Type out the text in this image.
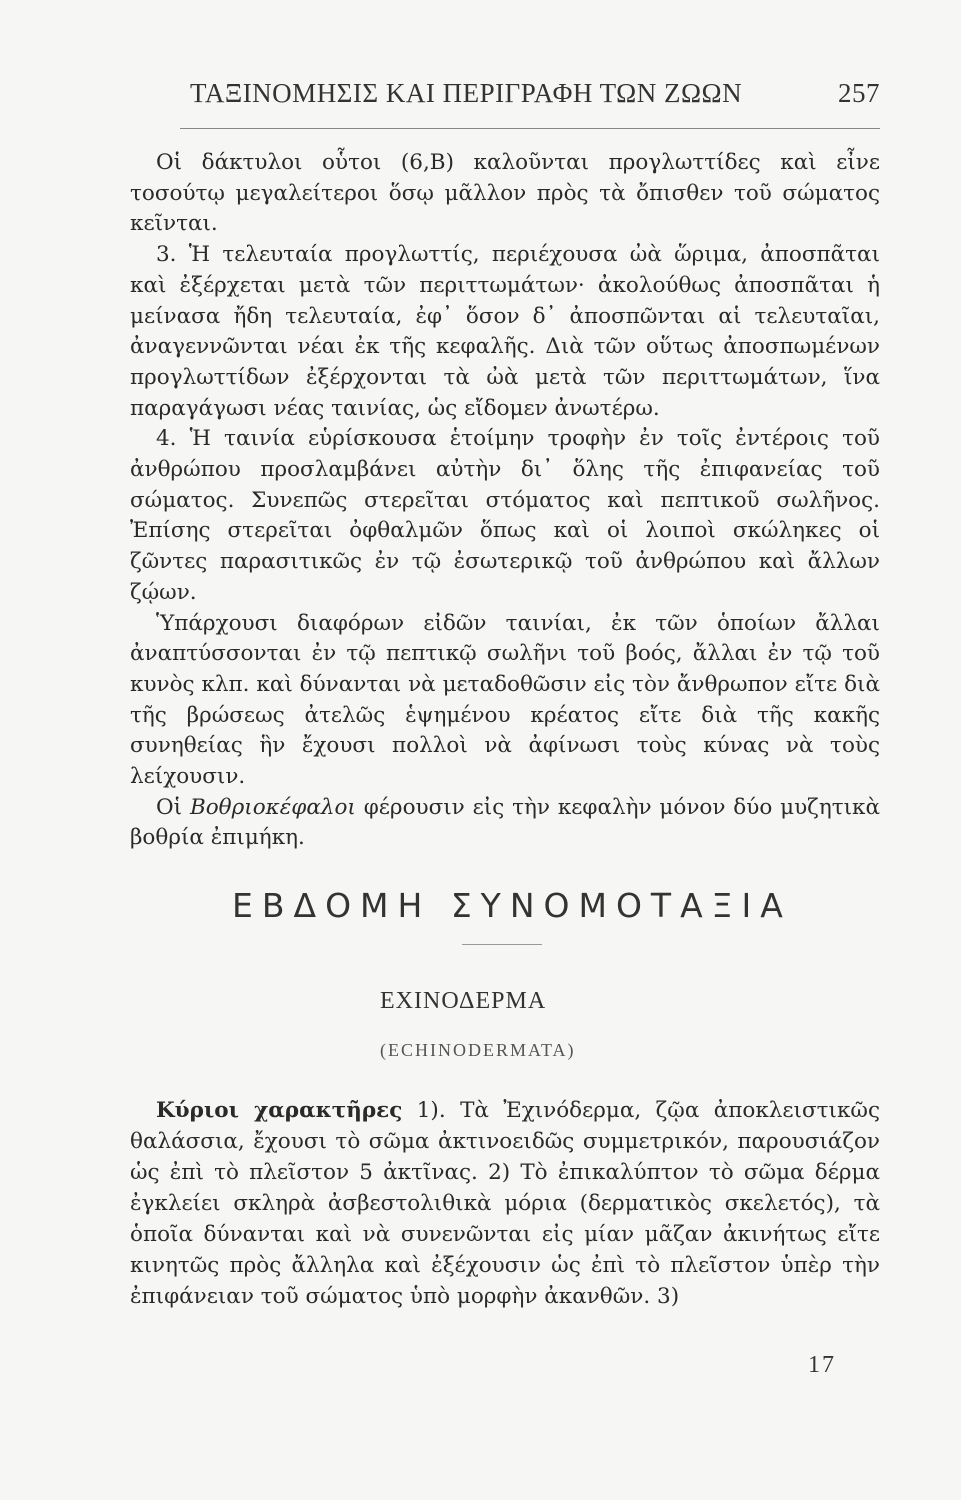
ΤΑΞΙΝΟΜΗΣΙΣ ΚΑΙ ΠΕΡΙΓΡΑΦΗ ΤΩΝ ΖΩΩΝ	257

Οἱ δάκτυλοι οὗτοι (6,Β) καλοῦνται προγλωττίδες καὶ εἶνε τοσούτῳ μεγαλείτεροι ὅσῳ μᾶλλον πρὸς τὰ ὄπισθεν τοῦ σώματος κεῖνται.

3. Ἡ τελευταία προγλωττίς, περιέχουσα ὠὰ ὥριμα, ἀποσπᾶται καὶ ἐξέρχεται μετὰ τῶν περιττωμάτων· ἀκολούθως ἀποσπᾶται ἡ μείνασα ἤδη τελευταία, ἐφ᾽ ὅσον δ᾽ ἀποσπῶνται αἱ τελευταῖαι, ἀναγεννῶνται νέαι ἐκ τῆς κεφαλῆς. Διὰ τῶν οὕτως ἀποσπωμένων προγλωττίδων ἐξέρχονται τὰ ὠὰ μετὰ τῶν περιττωμάτων, ἵνα παραγάγωσι νέας ταινίας, ὡς εἴδομεν ἀνωτέρω.

4. Ἡ ταινία εὑρίσκουσα ἑτοίμην τροφὴν ἐν τοῖς ἐντέροις τοῦ ἀνθρώπου προσλαμβάνει αὐτὴν δι᾽ ὅλης τῆς ἐπιφανείας τοῦ σώματος. Συνεπῶς στερεῖται στόματος καὶ πεπτικοῦ σωλῆνος. Ἐπίσης στερεῖται ὀφθαλμῶν ὅπως καὶ οἱ λοιποὶ σκώληκες οἱ ζῶντες παρασιτικῶς ἐν τῷ ἐσωτερικῷ τοῦ ἀνθρώπου καὶ ἄλλων ζῴων.

Ὑπάρχουσι διαφόρων εἰδῶν ταινίαι, ἐκ τῶν ὁποίων ἄλλαι ἀναπτύσσονται ἐν τῷ πεπτικῷ σωλῆνι τοῦ βοός, ἄλλαι ἐν τῷ τοῦ κυνὸς κλπ. καὶ δύνανται νὰ μεταδοθῶσιν εἰς τὸν ἄνθρωπον εἴτε διὰ τῆς βρώσεως ἀτελῶς ἑψημένου κρέατος εἴτε διὰ τῆς κακῆς συνηθείας ἣν ἔχουσι πολλοὶ νὰ ἀφίνωσι τοὺς κύνας νὰ τοὺς λείχουσιν.

Οἱ Βοθριοκέφαλοι φέρουσιν εἰς τὴν κεφαλὴν μόνον δύο μυζητικὰ βοθρία ἐπιμήκη.

ΕΒΔΟΜΗ ΣΥΝΟΜΟΤΑΞΙΑ
ΕΧΙΝΟΔΕΡΜΑ
(ECHINODERMATA)

Κύριοι χαρακτῆρες 1). Τὰ Ἐχινόδερμα, ζῷα ἀποκλειστικῶς θαλάσσια, ἔχουσι τὸ σῶμα ἀκτινοειδῶς συμμετρικόν, παρουσιάζον ὡς ἐπὶ τὸ πλεῖστον 5 ἀκτῖνας. 2) Τὸ ἐπικαλύπτον τὸ σῶμα δέρμα ἐγκλείει σκληρὰ ἀσβεστολιθικὰ μόρια (δερματικὸς σκελετός), τὰ ὁποῖα δύνανται καὶ νὰ συνενῶνται εἰς μίαν μᾶζαν ἀκινήτως εἴτε κινητῶς πρὸς ἄλληλα καὶ ἐξέχουσιν ὡς ἐπὶ τὸ πλεῖστον ὑπὲρ τὴν ἐπιφάνειαν τοῦ σώματος ὑπὸ μορφὴν ἀκανθῶν. 3)

17
